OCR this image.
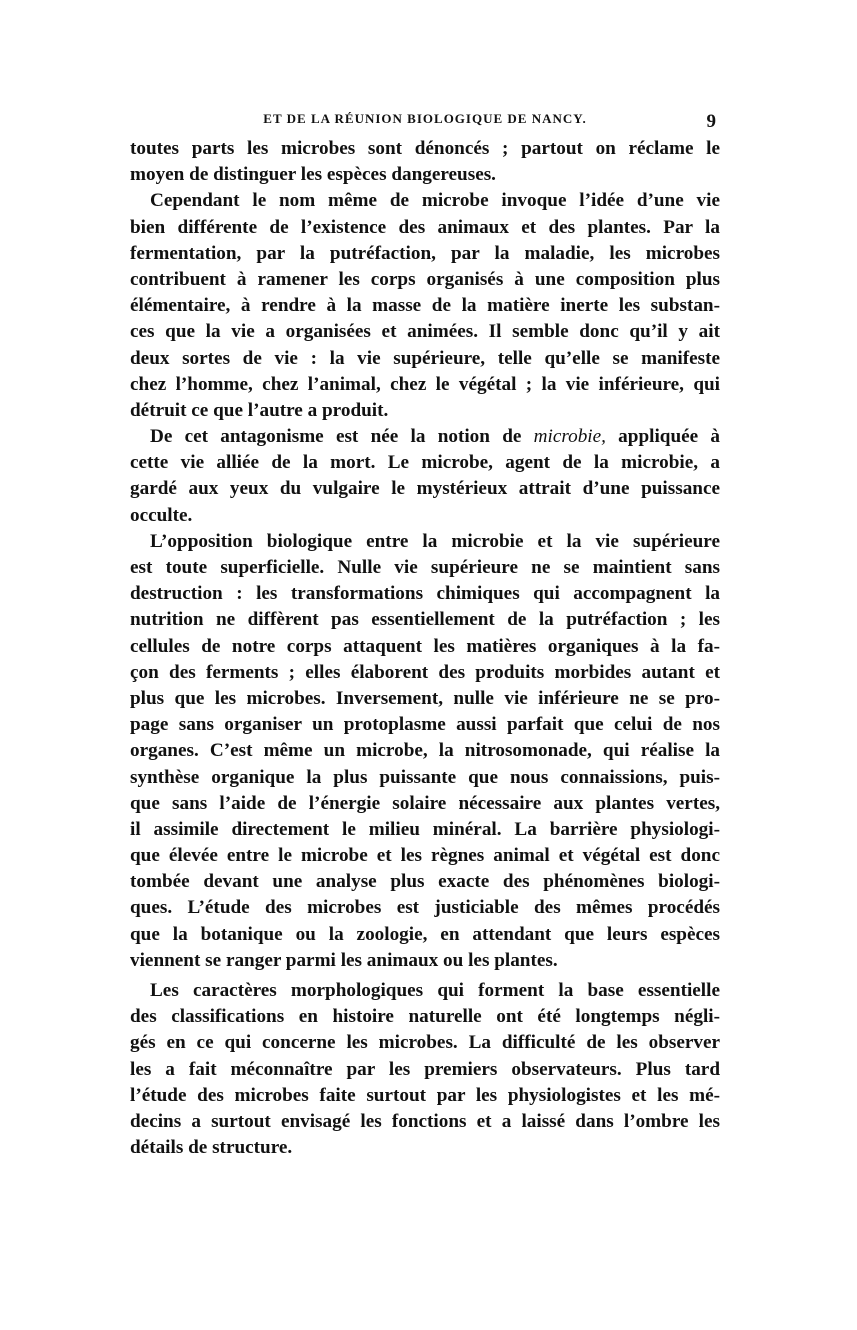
ET DE LA RÉUNION BIOLOGIQUE DE NANCY.	9
toutes parts les microbes sont dénoncés ; partout on réclame le
moyen de distinguer les espèces dangereuses.
Cependant le nom même de microbe invoque l’idée d’une vie
bien différente de l’existence des animaux et des plantes. Par la
fermentation, par la putréfaction, par la maladie, les microbes
contribuent à ramener les corps organisés à une composition plus
élémentaire, à rendre à la masse de la matière inerte les substan-
ces que la vie a organisées et animées. Il semble donc qu’il y ait
deux sortes de vie : la vie supérieure, telle qu’elle se manifeste
chez l’homme, chez l’animal, chez le végétal ; la vie inférieure, qui
détruit ce que l’autre a produit.
De cet antagonisme est née la notion de microbie, appliquée à
cette vie alliée de la mort. Le microbe, agent de la microbie, a
gardé aux yeux du vulgaire le mystérieux attrait d’une puissance
occulte.
L’opposition biologique entre la microbie et la vie supérieure
est toute superficielle. Nulle vie supérieure ne se maintient sans
destruction : les transformations chimiques qui accompagnent la
nutrition ne diffèrent pas essentiellement de la putréfaction ; les
cellules de notre corps attaquent les matières organiques à la fa-
çon des ferments ; elles élaborent des produits morbides autant et
plus que les microbes. Inversement, nulle vie inférieure ne se pro-
page sans organiser un protoplasme aussi parfait que celui de nos
organes. C’est même un microbe, la nitrosomonade, qui réalise la
synthèse organique la plus puissante que nous connaissions, puis-
que sans l’aide de l’énergie solaire nécessaire aux plantes vertes,
il assimile directement le milieu minéral. La barrière physiologi-
que élevée entre le microbe et les règnes animal et végétal est donc
tombée devant une analyse plus exacte des phénomènes biologi-
ques. L’étude des microbes est justiciable des mêmes procédés
que la botanique ou la zoologie, en attendant que leurs espèces
viennent se ranger parmi les animaux ou les plantes.
Les caractères morphologiques qui forment la base essentielle
des classifications en histoire naturelle ont été longtemps négli-
gés en ce qui concerne les microbes. La difficulté de les observer
les a fait méconnaître par les premiers observateurs. Plus tard
l’étude des microbes faite surtout par les physiologistes et les mé-
decins a surtout envisagé les fonctions et a laissé dans l’ombre les
détails de structure.
